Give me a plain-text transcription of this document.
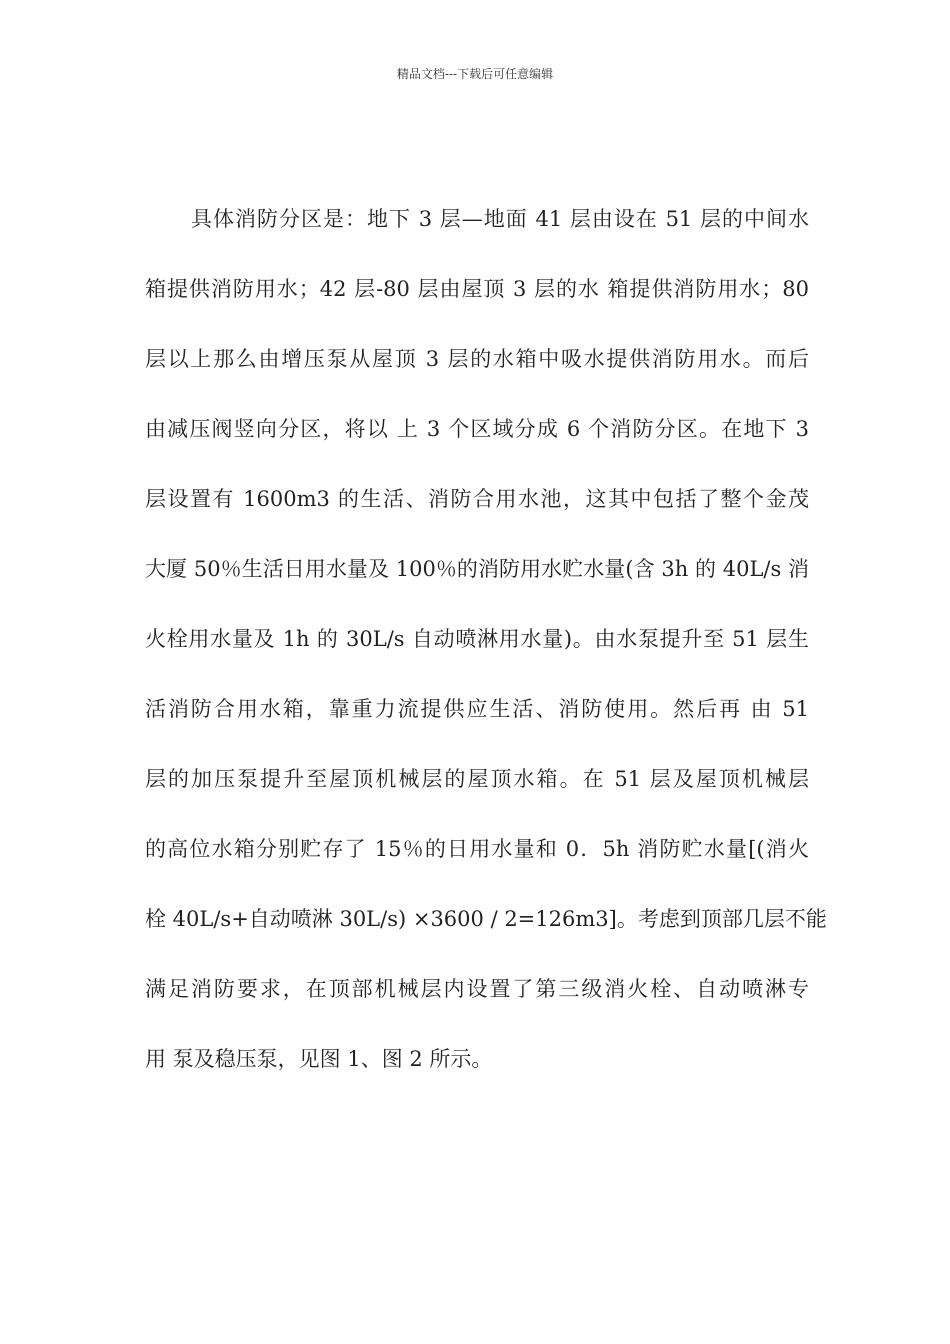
精品文档---下载后可任意编辑
具体消防分区是：地下 3 层—地面 41 层由设在 51 层的中间水
箱提供消防用水；42 层-80 层由屋顶 3 层的水 箱提供消防用水；80
层以上那么由增压泵从屋顶 3 层的水箱中吸水提供消防用水。而后
由减压阀竖向分区，将以 上 3 个区域分成 6 个消防分区。在地下 3
层设置有 1600m3 的生活、消防合用水池，这其中包括了整个金茂
大厦 50％生活日用水量及 100％的消防用水贮水量(含 3h 的 40L/s 消
火栓用水量及 1h 的 30L/s 自动喷淋用水量)。由水泵提升至 51 层生
活消防合用水箱，靠重力流提供应生活、消防使用。然后再 由 51
层的加压泵提升至屋顶机械层的屋顶水箱。在 51 层及屋顶机械层
的高位水箱分别贮存了 15％的日用水量和 0．5h 消防贮水量[(消火
栓 40L/s+自动喷淋 30L/s) ×3600 / 2=126m3]。考虑到顶部几层不能
满足消防要求，在顶部机械层内设置了第三级消火栓、自动喷淋专
用 泵及稳压泵，见图 1、图 2 所示。
